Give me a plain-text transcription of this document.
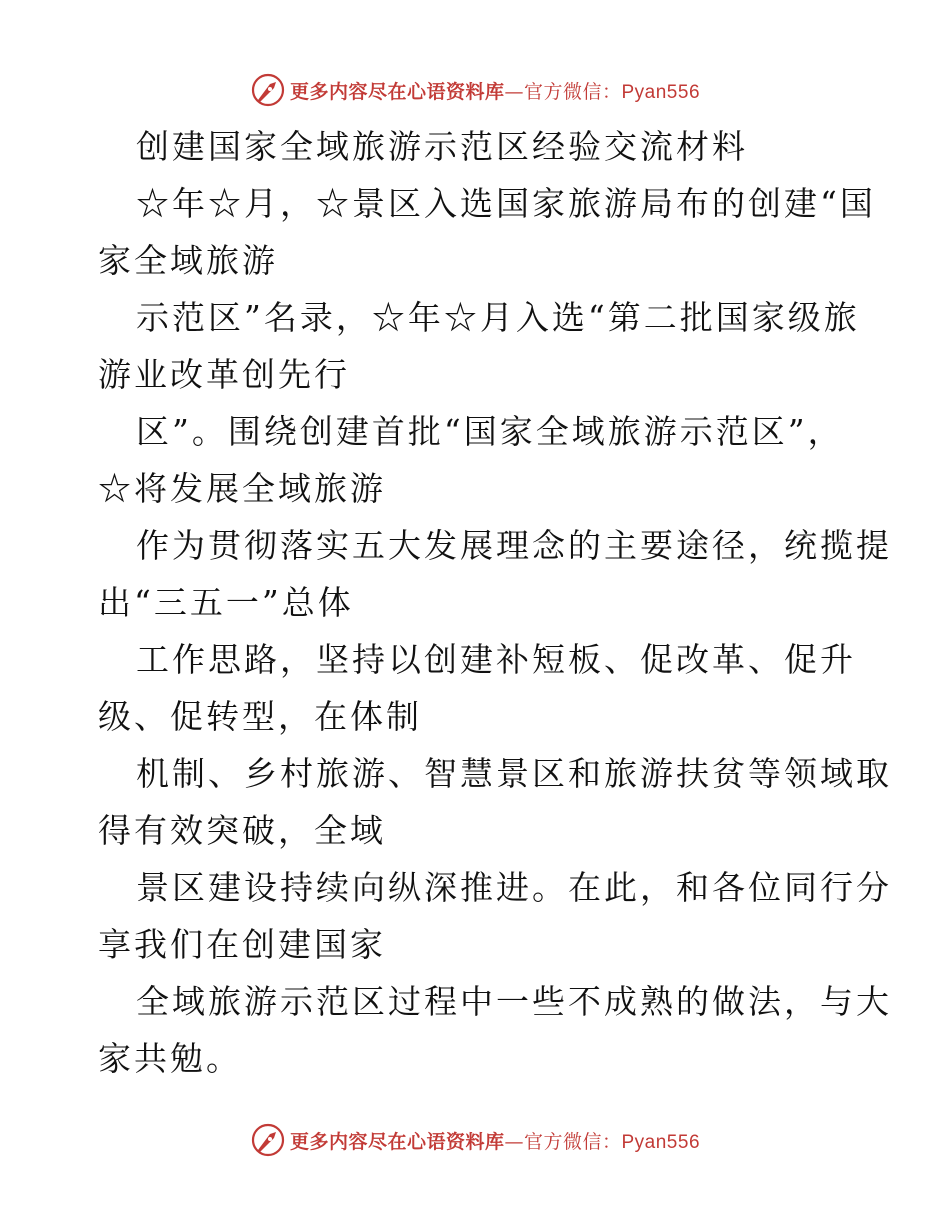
更多内容尽在心语资料库—官方微信：Pyan556
创建国家全域旅游示范区经验交流材料
☆年☆月，☆景区入选国家旅游局布的创建“国
家全域旅游
示范区”名录，☆年☆月入选“第二批国家级旅
游业改革创先行
区”。围绕创建首批“国家全域旅游示范区”，
☆将发展全域旅游
作为贯彻落实五大发展理念的主要途径，统揽提
出“三五一”总体
工作思路，坚持以创建补短板、促改革、促升
级、促转型，在体制
机制、乡村旅游、智慧景区和旅游扶贫等领域取
得有效突破，全域
景区建设持续向纵深推进。在此，和各位同行分
享我们在创建国家
全域旅游示范区过程中一些不成熟的做法，与大
家共勉。
更多内容尽在心语资料库—官方微信：Pyan556
